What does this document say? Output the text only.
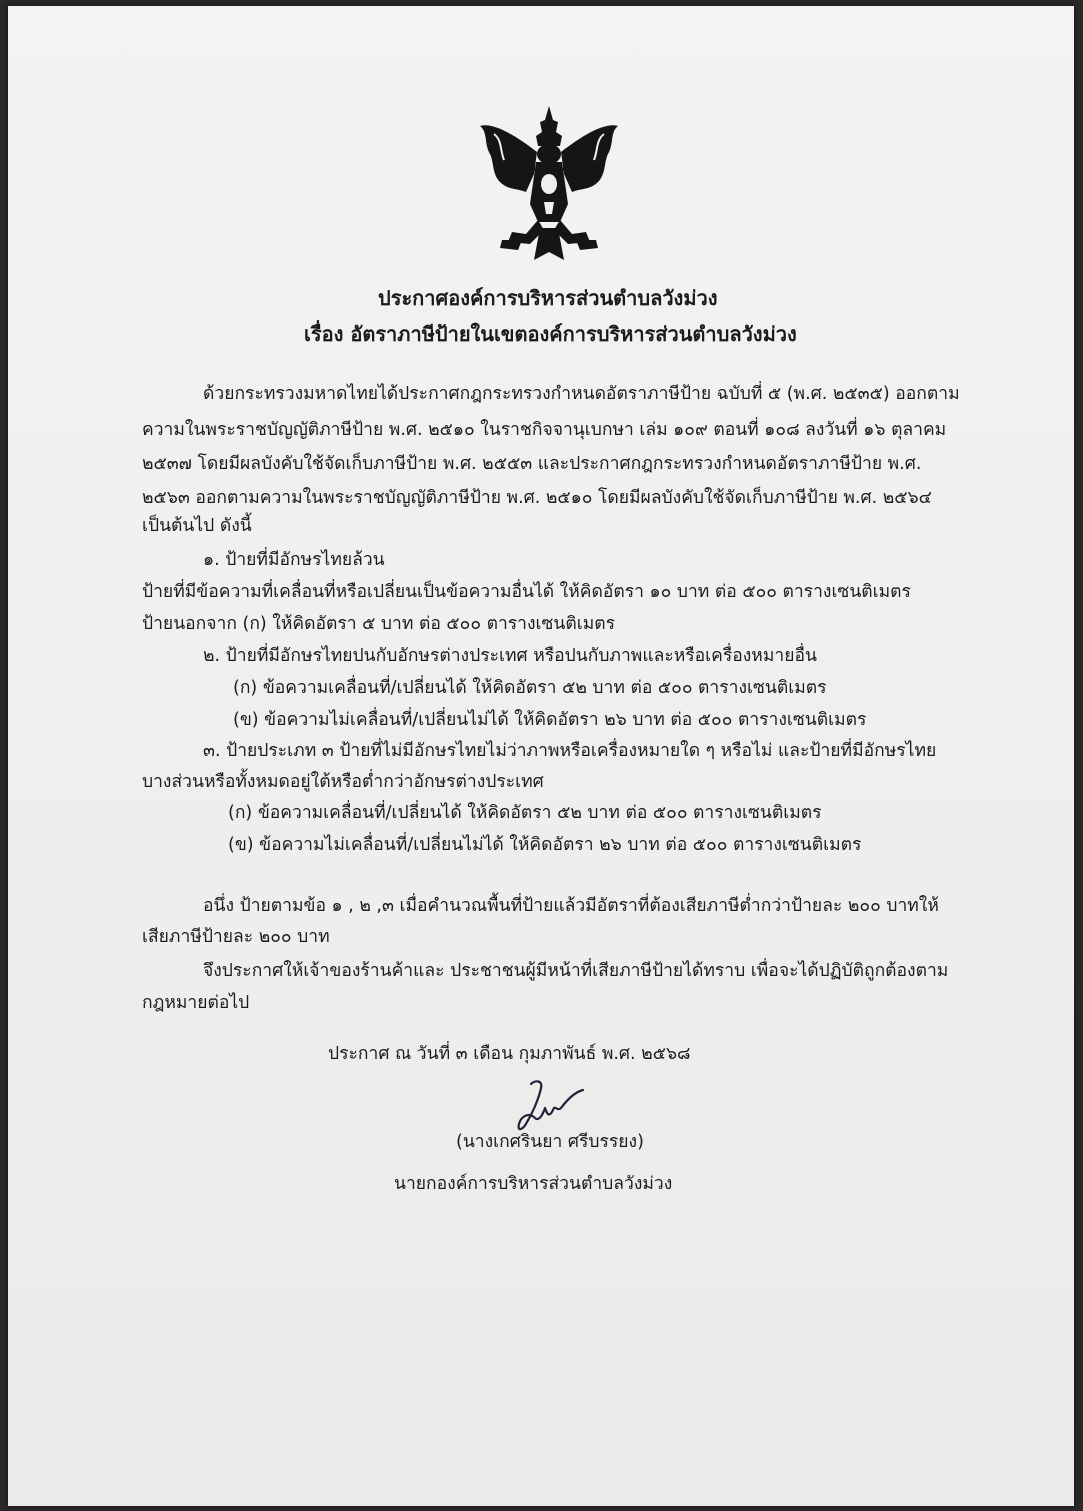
ประกาศองค์การบริหารส่วนตำบลวังม่วง
เรื่อง อัตราภาษีป้ายในเขตองค์การบริหารส่วนตำบลวังม่วง
ด้วยกระทรวงมหาดไทยได้ประกาศกฎกระทรวงกำหนดอัตราภาษีป้าย ฉบับที่ ๕ (พ.ศ. ๒๕๓๕) ออกตาม
ความในพระราชบัญญัติภาษีป้าย พ.ศ. ๒๕๑๐ ในราชกิจจานุเบกษา เล่ม ๑๐๙ ตอนที่ ๑๐๘ ลงวันที่ ๑๖ ตุลาคม
๒๕๓๗ โดยมีผลบังคับใช้จัดเก็บภาษีป้าย พ.ศ. ๒๕๕๓ และประกาศกฎกระทรวงกำหนดอัตราภาษีป้าย พ.ศ.
๒๕๖๓ ออกตามความในพระราชบัญญัติภาษีป้าย พ.ศ. ๒๕๑๐ โดยมีผลบังคับใช้จัดเก็บภาษีป้าย พ.ศ. ๒๕๖๔
เป็นต้นไป ดังนี้
๑. ป้ายที่มีอักษรไทยล้วน
ป้ายที่มีข้อความที่เคลื่อนที่หรือเปลี่ยนเป็นข้อความอื่นได้ ให้คิดอัตรา ๑๐ บาท ต่อ ๕๐๐ ตารางเซนติเมตร
ป้ายนอกจาก (ก) ให้คิดอัตรา ๕ บาท ต่อ ๕๐๐ ตารางเซนติเมตร
๒. ป้ายที่มีอักษรไทยปนกับอักษรต่างประเทศ หรือปนกับภาพและหรือเครื่องหมายอื่น
(ก) ข้อความเคลื่อนที่/เปลี่ยนได้ ให้คิดอัตรา ๕๒ บาท ต่อ ๕๐๐ ตารางเซนติเมตร
(ข) ข้อความไม่เคลื่อนที่/เปลี่ยนไม่ได้ ให้คิดอัตรา ๒๖ บาท ต่อ ๕๐๐ ตารางเซนติเมตร
๓. ป้ายประเภท ๓ ป้ายที่ไม่มีอักษรไทยไม่ว่าภาพหรือเครื่องหมายใด ๆ หรือไม่ และป้ายที่มีอักษรไทย
บางส่วนหรือทั้งหมดอยู่ใต้หรือต่ำกว่าอักษรต่างประเทศ
(ก) ข้อความเคลื่อนที่/เปลี่ยนได้ ให้คิดอัตรา ๕๒ บาท ต่อ ๕๐๐ ตารางเซนติเมตร
(ข) ข้อความไม่เคลื่อนที่/เปลี่ยนไม่ได้ ให้คิดอัตรา ๒๖ บาท ต่อ ๕๐๐ ตารางเซนติเมตร
อนึ่ง ป้ายตามข้อ ๑ , ๒ ,๓ เมื่อคำนวณพื้นที่ป้ายแล้วมีอัตราที่ต้องเสียภาษีต่ำกว่าป้ายละ ๒๐๐ บาทให้
เสียภาษีป้ายละ ๒๐๐ บาท
จึงประกาศให้เจ้าของร้านค้าและ ประชาชนผู้มีหน้าที่เสียภาษีป้ายได้ทราบ เพื่อจะได้ปฏิบัติถูกต้องตาม
กฎหมายต่อไป
ประกาศ ณ วันที่ ๓ เดือน กุมภาพันธ์ พ.ศ. ๒๕๖๘
(นางเกศรินยา ศรีบรรยง)
นายกองค์การบริหารส่วนตำบลวังม่วง
